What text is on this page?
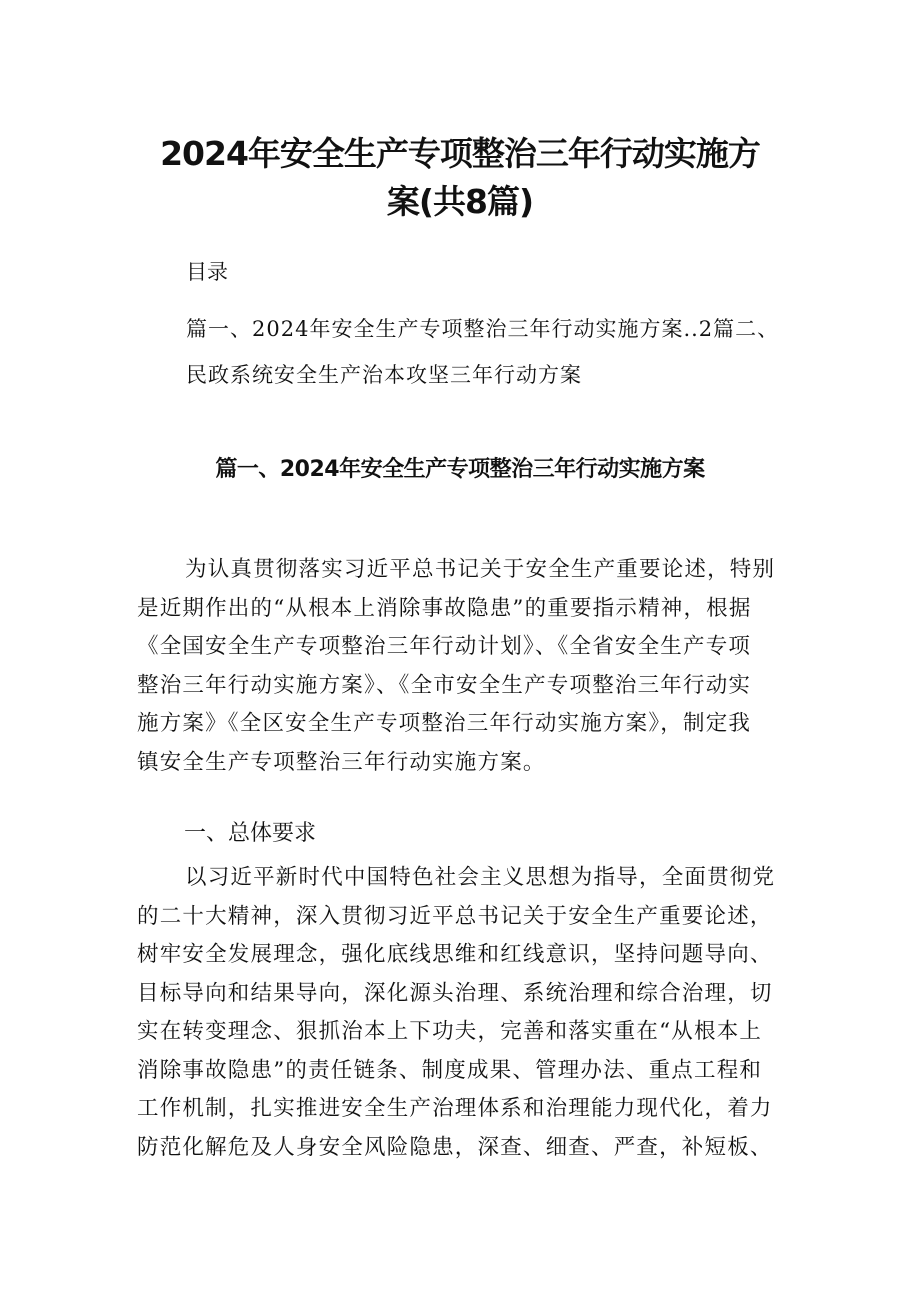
2024年安全生产专项整治三年行动实施方
案(共8篇)
目录
篇一、2024年安全生产专项整治三年行动实施方案..2篇二、
民政系统安全生产治本攻坚三年行动方案
篇一、2024年安全生产专项整治三年行动实施方案
为认真贯彻落实习近平总书记关于安全生产重要论述，特别
是近期作出的“从根本上消除事故隐患”的重要指示精神，根据
《全国安全生产专项整治三年行动计划》、《全省安全生产专项
整治三年行动实施方案》、《全市安全生产专项整治三年行动实
施方案》《全区安全生产专项整治三年行动实施方案》，制定我
镇安全生产专项整治三年行动实施方案。
一、总体要求
以习近平新时代中国特色社会主义思想为指导，全面贯彻党
的二十大精神，深入贯彻习近平总书记关于安全生产重要论述，
树牢安全发展理念，强化底线思维和红线意识，坚持问题导向、
目标导向和结果导向，深化源头治理、系统治理和综合治理，切
实在转变理念、狠抓治本上下功夫，完善和落实重在“从根本上
消除事故隐患”的责任链条、制度成果、管理办法、重点工程和
工作机制，扎实推进安全生产治理体系和治理能力现代化，着力
防范化解危及人身安全风险隐患，深查、细查、严查，补短板、
